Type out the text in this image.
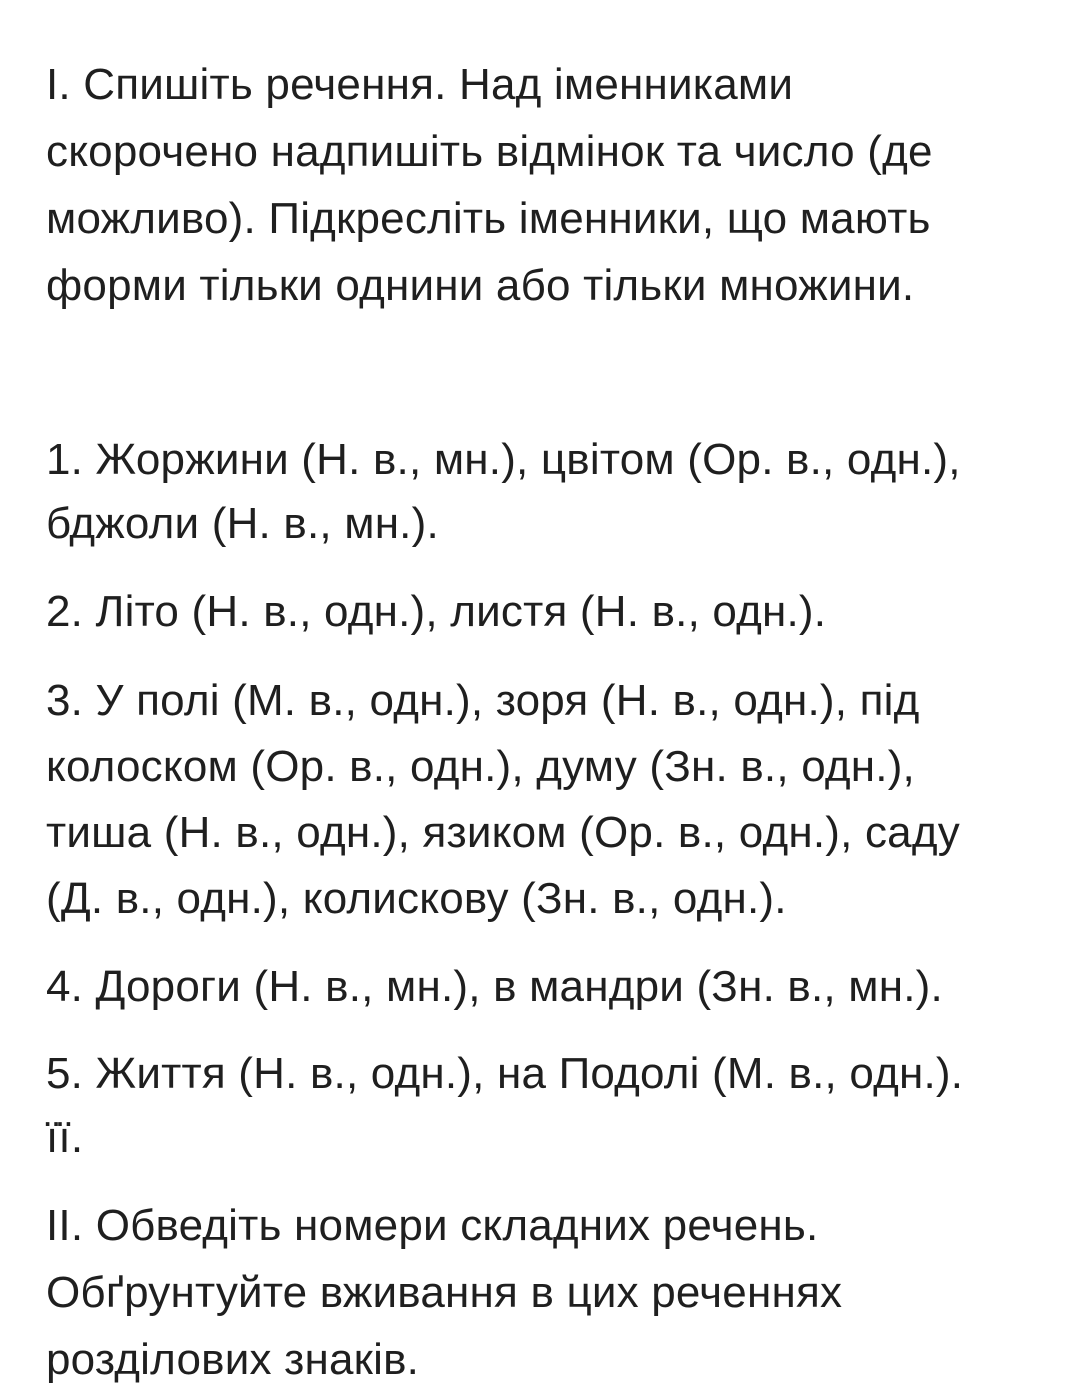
І. Спишіть речення. Над іменниками
скорочено надпишіть відмінок та число (де
можливо). Підкресліть іменники, що мають
форми тільки однини або тільки множини.
1. Жоржини (Н. в., мн.), цвітом (Ор. в., одн.),
бджоли (Н. в., мн.).
2. Літо (Н. в., одн.), листя (Н. в., одн.).
3. У полі (М. в., одн.), зоря (Н. в., одн.), під
колоском (Ор. в., одн.), думу (Зн. в., одн.),
тиша (Н. в., одн.), язиком (Ор. в., одн.), саду
(Д. в., одн.), колискову (Зн. в., одн.).
4. Дороги (Н. в., мн.), в мандри (Зн. в., мн.).
5. Життя (Н. в., одн.), на Подолі (М. в., одн.).
її.
ІІ. Обведіть номери складних речень.
Обґрунтуйте вживання в цих реченнях
розділових знаків.
